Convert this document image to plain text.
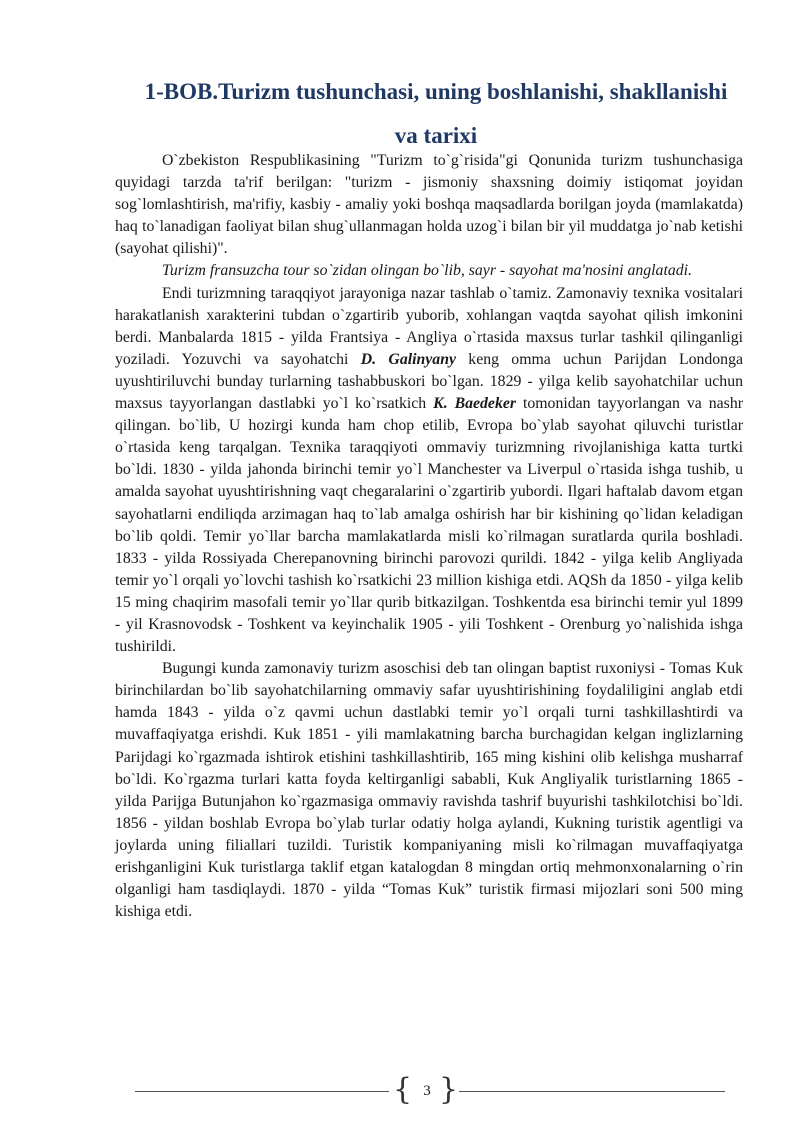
1-BOB.Turizm tushunchasi, uning boshlanishi, shakllanishi
va tarixi

O`zbekiston Respublikasining "Turizm to`g`risida"gi Qonunida turizm tushunchasiga quyidagi tarzda ta'rif berilgan: "turizm - jismoniy shaxsning doimiy istiqomat joyidan sog`lomlashtirish, ma'rifiy, kasbiy - amaliy yoki boshqa maqsadlarda borilgan joyda (mamlakatda) haq to`lanadigan faoliyat bilan shug`ullanmagan holda uzog`i bilan bir yil muddatga jo`nab ketishi (sayohat qilishi)".

Turizm fransuzcha tour so`zidan olingan bo`lib, sayr - sayohat ma'nosini anglatadi.

Endi turizmning taraqqiyot jarayoniga nazar tashlab o`tamiz. Zamonaviy texnika vositalari harakatlanish xarakterini tubdan o`zgartirib yuborib, xohlangan vaqtda sayohat qilish imkonini berdi. Manbalarda 1815 - yilda Frantsiya - Angliya o`rtasida maxsus turlar tashkil qilinganligi yoziladi. Yozuvchi va sayohatchi D. Galinyany keng omma uchun Parijdan Londonga uyushtiriluvchi bunday turlarning tashabbuskori bo`lgan. 1829 - yilga kelib sayohatchilar uchun maxsus tayyorlangan dastlabki yo`l ko`rsatkich K. Baedeker tomonidan tayyorlangan va nashr qilingan. bo`lib, U hozirgi kunda ham chop etilib, Evropa bo`ylab sayohat qiluvchi turistlar o`rtasida keng tarqalgan. Texnika taraqqiyoti ommaviy turizmning rivojlanishiga katta turtki bo`ldi. 1830 - yilda jahonda birinchi temir yo`l Manchester va Liverpul o`rtasida ishga tushib, u amalda sayohat uyushtirishning vaqt chegaralarini o`zgartirib yubordi. Ilgari haftalab davom etgan sayohatlarni endiliqda arzimagan haq to`lab amalga oshirish har bir kishining qo`lidan keladigan bo`lib qoldi. Temir yo`llar barcha mamlakatlarda misli ko`rilmagan suratlarda qurila boshladi. 1833 - yilda Rossiyada Cherepanovning birinchi parovozi qurildi. 1842 - yilga kelib Angliyada temir yo`l orqali yo`lovchi tashish ko`rsatkichi 23 million kishiga etdi. AQSh da 1850 - yilga kelib 15 ming chaqirim masofali temir yo`llar qurib bitkazilgan. Toshkentda esa birinchi temir yul 1899 - yil Krasnovodsk - Toshkent va keyinchalik 1905 - yili Toshkent - Orenburg yo`nalishida ishga tushirildi.

Bugungi kunda zamonaviy turizm asoschisi deb tan olingan baptist ruxoniysi - Tomas Kuk birinchilardan bo`lib sayohatchilarning ommaviy safar uyushtirishining foydaliligini anglab etdi hamda 1843 - yilda o`z qavmi uchun dastlabki temir yo`l orqali turni tashkillashtirdi va muvaffaqiyatga erishdi. Kuk 1851 - yili mamlakatning barcha burchagidan kelgan inglizlarning Parijdagi ko`rgazmada ishtirok etishini tashkillashtirib, 165 ming kishini olib kelishga musharraf bo`ldi. Ko`rgazma turlari katta foyda keltirganligi sababli, Kuk Angliyalik turistlarning 1865 - yilda Parijga Butunjahon ko`rgazmasiga ommaviy ravishda tashrif buyurishi tashkilotchisi bo`ldi. 1856 - yildan boshlab Evropa bo`ylab turlar odatiy holga aylandi, Kukning turistik agentligi va joylarda uning filiallari tuzildi. Turistik kompaniyaning misli ko`rilmagan muvaffaqiyatga erishganligini Kuk turistlarga taklif etgan katalogdan 8 mingdan ortiq mehmonxonalarning o`rin olganligi ham tasdiqlaydi. 1870 - yilda “Tomas Kuk” turistik firmasi mijozlari soni 500 ming kishiga etdi.

{ 3 }
